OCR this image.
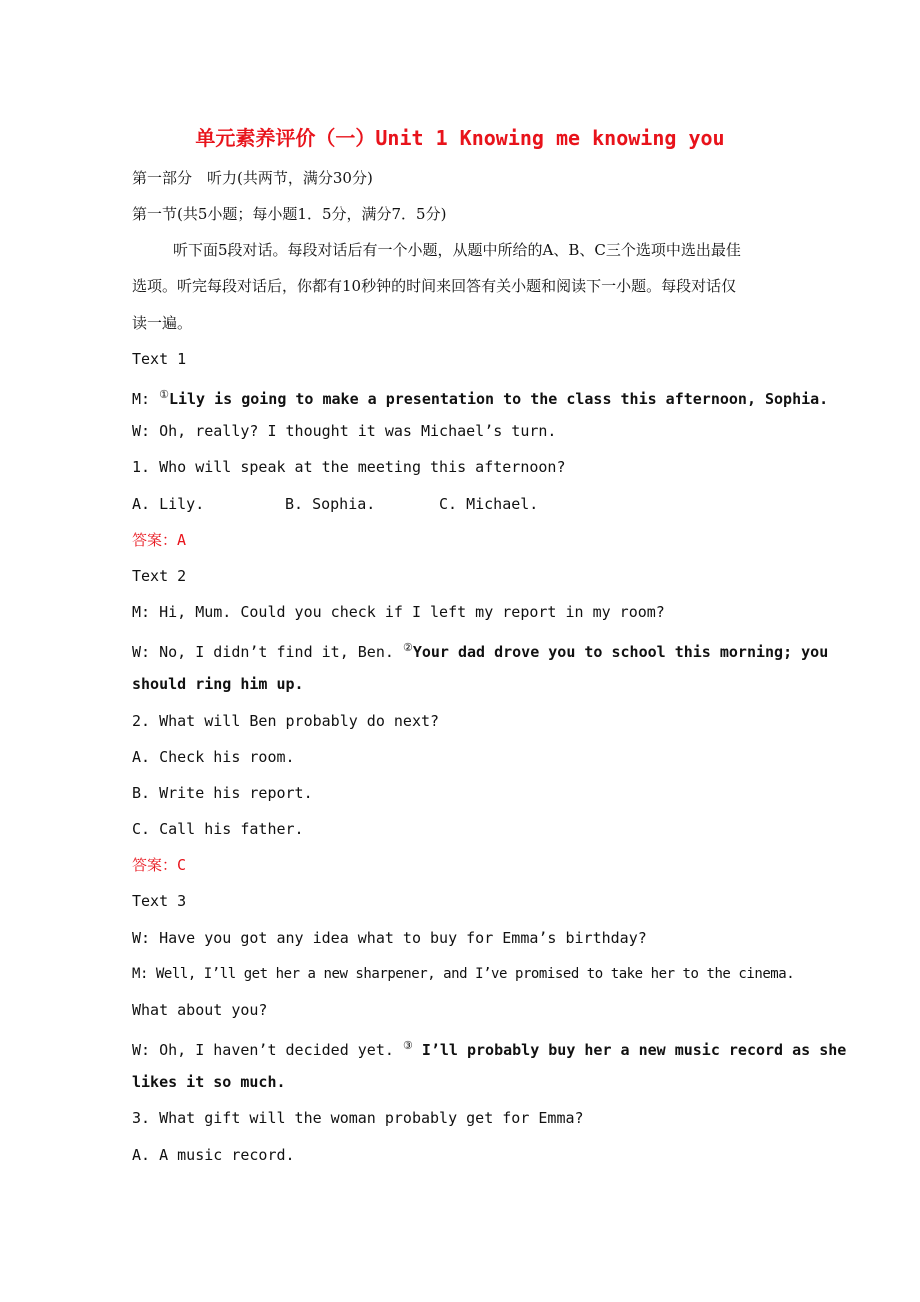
单元素养评价（一）Unit 1 Knowing me knowing you
第一部分　听力(共两节，满分30分)
第一节(共5小题；每小题1．5分，满分7．5分)
听下面5段对话。每段对话后有一个小题，从题中所给的A、B、C三个选项中选出最佳
选项。听完每段对话后，你都有10秒钟的时间来回答有关小题和阅读下一小题。每段对话仅
读一遍。
Text 1
M: ①Lily is going to make a presentation to the class this afternoon, Sophia.
W: Oh, really? I thought it was Michael’s turn.
1. Who will speak at the meeting this afternoon?
A. Lily.	B. Sophia.	C. Michael.
答案：A
Text 2
M: Hi, Mum. Could you check if I left my report in my room?
W: No, I didn’t find it, Ben. ②Your dad drove you to school this morning; you
should ring him up.
2. What will Ben probably do next?
A. Check his room.
B. Write his report.
C. Call his father.
答案：C
Text 3
W: Have you got any idea what to buy for Emma’s birthday?
M: Well, I’ll get her a new sharpener, and I’ve promised to take her to the cinema.
What about you?
W: Oh, I haven’t decided yet. ③ I’ll probably buy her a new music record as she
likes it so much.
3. What gift will the woman probably get for Emma?
A. A music record.
